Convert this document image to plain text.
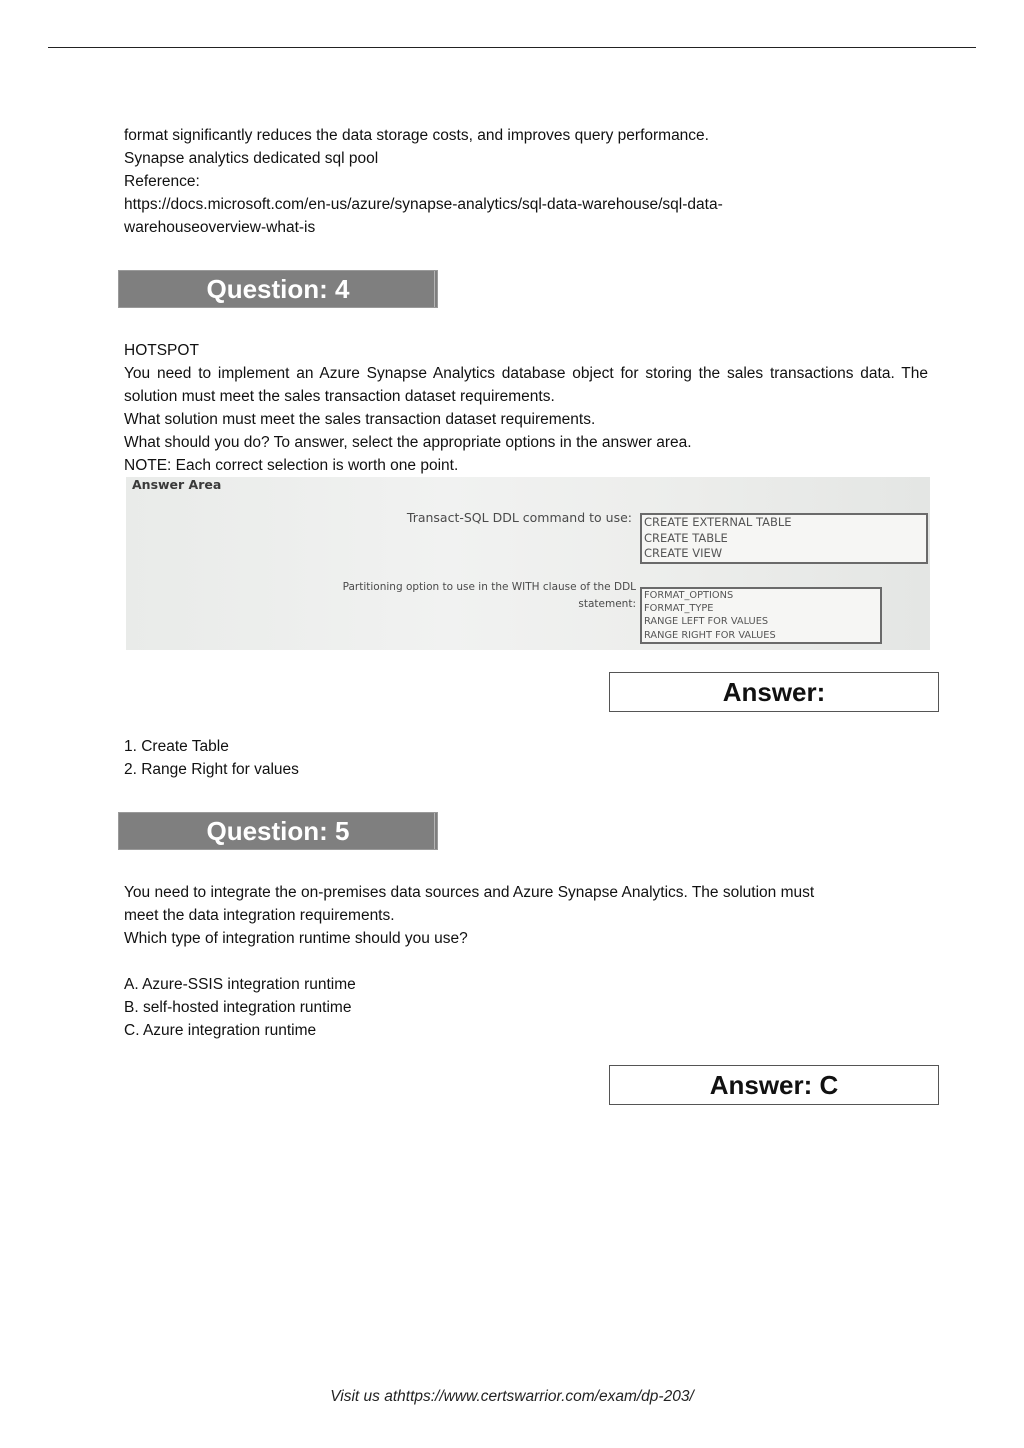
format significantly reduces the data storage costs, and improves query performance.

Synapse analytics dedicated sql pool

Reference:

https://docs.microsoft.com/en-us/azure/synapse-analytics/sql-data-warehouse/sql-data-

warehouseoverview-what-is

Question: 4

HOTSPOT

You need to implement an Azure Synapse Analytics database object for storing the sales transactions data. The solution must meet the sales transaction dataset requirements.

What solution must meet the sales transaction dataset requirements.

What should you do? To answer, select the appropriate options in the answer area.

NOTE: Each correct selection is worth one point.

Answer Area
Transact-SQL DDL command to use: CREATE EXTERNAL TABLE
CREATE TABLE
CREATE VIEW
Partitioning option to use in the WITH clause of the DDL
statement:
FORMAT_OPTIONS
FORMAT_TYPE
RANGE LEFT FOR VALUES
RANGE RIGHT FOR VALUES
Answer:

1. Create Table

2. Range Right for values

Question: 5

You need to integrate the on-premises data sources and Azure Synapse Analytics. The solution must

meet the data integration requirements.

Which type of integration runtime should you use?

A. Azure-SSIS integration runtime

B. self-hosted integration runtime

C. Azure integration runtime

Answer: C
Visit us athttps://www.certswarrior.com/exam/dp-203/
